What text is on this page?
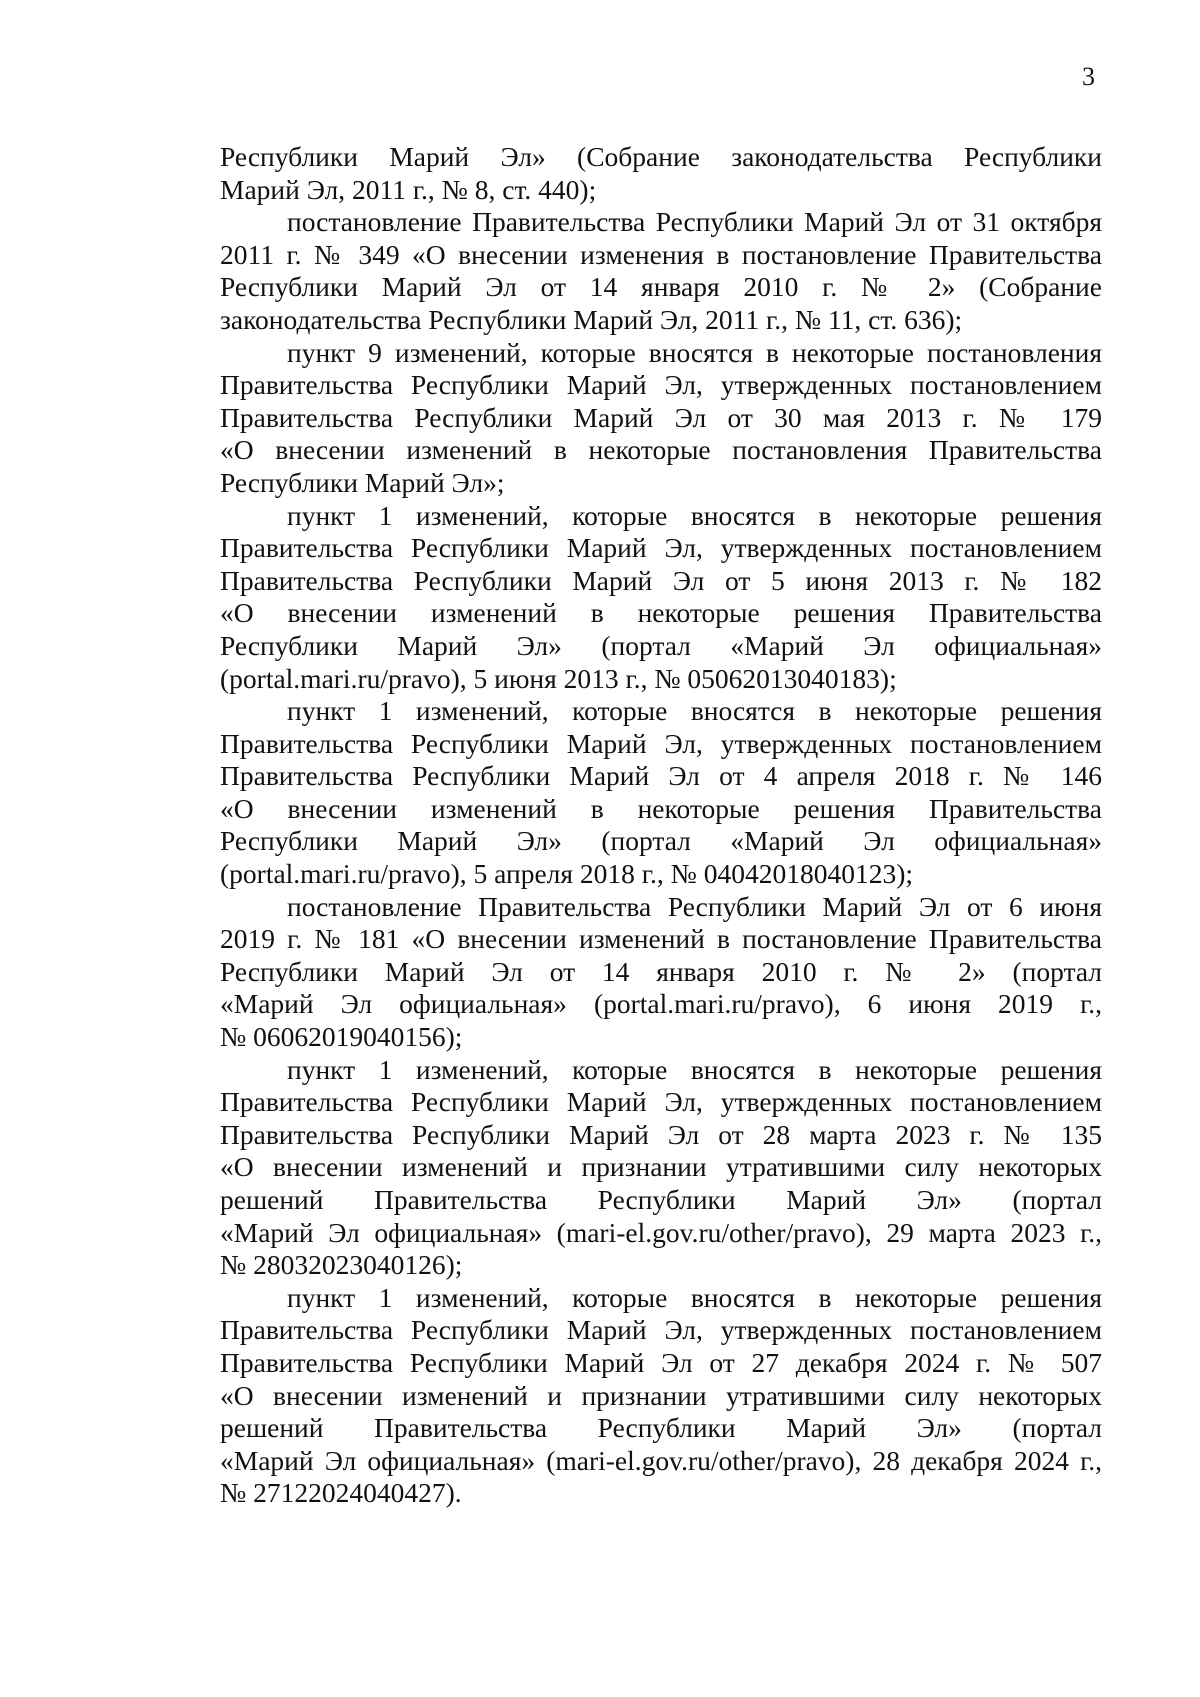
3
Республики Марий Эл» (Собрание законодательства Республики
Марий Эл, 2011 г., № 8, ст. 440);
постановление Правительства Республики Марий Эл от 31 октября
2011 г. № 349 «О внесении изменения в постановление Правительства
Республики Марий Эл от 14 января 2010 г. № 2» (Собрание
законодательства Республики Марий Эл, 2011 г., № 11, ст. 636);
пункт 9 изменений, которые вносятся в некоторые постановления
Правительства Республики Марий Эл, утвержденных постановлением
Правительства Республики Марий Эл от 30 мая 2013 г. № 179
«О внесении изменений в некоторые постановления Правительства
Республики Марий Эл»;
пункт 1 изменений, которые вносятся в некоторые решения
Правительства Республики Марий Эл, утвержденных постановлением
Правительства Республики Марий Эл от 5 июня 2013 г. № 182
«О внесении изменений в некоторые решения Правительства
Республики Марий Эл» (портал «Марий Эл официальная»
(portal.mari.ru/pravo), 5 июня 2013 г., № 05062013040183);
пункт 1 изменений, которые вносятся в некоторые решения
Правительства Республики Марий Эл, утвержденных постановлением
Правительства Республики Марий Эл от 4 апреля 2018 г. № 146
«О внесении изменений в некоторые решения Правительства
Республики Марий Эл» (портал «Марий Эл официальная»
(portal.mari.ru/pravo), 5 апреля 2018 г., № 04042018040123);
постановление Правительства Республики Марий Эл от 6 июня
2019 г. № 181 «О внесении изменений в постановление Правительства
Республики Марий Эл от 14 января 2010 г. № 2» (портал
«Марий Эл официальная» (portal.mari.ru/pravo), 6 июня 2019 г.,
№ 06062019040156);
пункт 1 изменений, которые вносятся в некоторые решения
Правительства Республики Марий Эл, утвержденных постановлением
Правительства Республики Марий Эл от 28 марта 2023 г. № 135
«О внесении изменений и признании утратившими силу некоторых
решений Правительства Республики Марий Эл» (портал
«Марий Эл официальная» (mari-el.gov.ru/other/pravo), 29 марта 2023 г.,
№ 28032023040126);
пункт 1 изменений, которые вносятся в некоторые решения
Правительства Республики Марий Эл, утвержденных постановлением
Правительства Республики Марий Эл от 27 декабря 2024 г. № 507
«О внесении изменений и признании утратившими силу некоторых
решений Правительства Республики Марий Эл» (портал
«Марий Эл официальная» (mari-el.gov.ru/other/pravo), 28 декабря 2024 г.,
№ 27122024040427).
